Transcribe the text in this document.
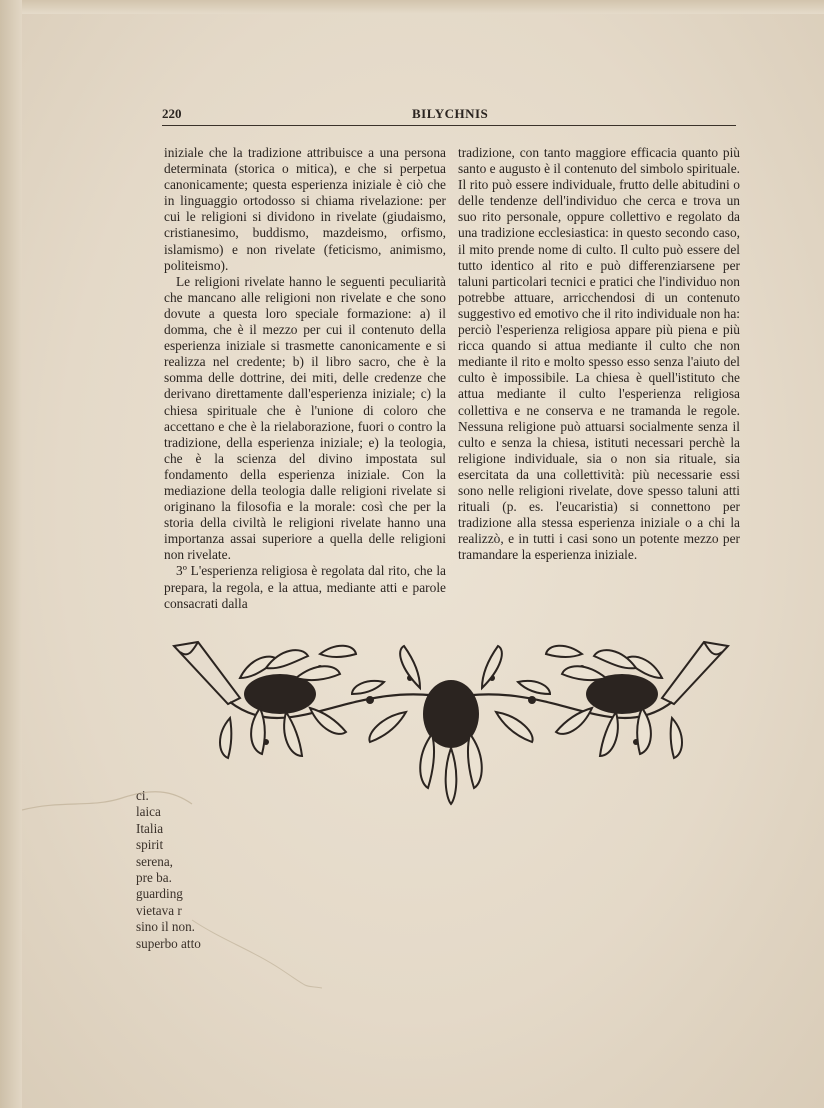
220	BILYCHNIS

iniziale che la tradizione attribuisce a una persona determinata (storica o mitica), e che si perpetua canonicamente; questa esperienza iniziale è ciò che in linguaggio ortodosso si chiama rivelazione: per cui le religioni si dividono in rivelate (giudaismo, cristianesimo, buddismo, mazdeismo, orfismo, islamismo) e non rivelate (feticismo, animismo, politeismo).

Le religioni rivelate hanno le seguenti peculiarità che mancano alle religioni non rivelate e che sono dovute a questa loro speciale formazione: a) il domma, che è il mezzo per cui il contenuto della esperienza iniziale si trasmette canonicamente e si realizza nel credente; b) il libro sacro, che è la somma delle dottrine, dei miti, delle credenze che derivano direttamente dall'esperienza iniziale; c) la chiesa spirituale che è l'unione di coloro che accettano e che è la rielaborazione, fuori o contro la tradizione, della esperienza iniziale; e) la teologia, che è la scienza del divino impostata sul fondamento della esperienza iniziale. Con la mediazione della teologia dalle religioni rivelate si originano la filosofia e la morale: così che per la storia della civiltà le religioni rivelate hanno una importanza assai superiore a quella delle religioni non rivelate.

3º L'esperienza religiosa è regolata dal rito, che la prepara, la regola, e la attua, mediante atti e parole consacrati dalla

tradizione, con tanto maggiore efficacia quanto più santo e augusto è il contenuto del simbolo spirituale. Il rito può essere individuale, frutto delle abitudini o delle tendenze dell'individuo che cerca e trova un suo rito personale, oppure collettivo e regolato da una tradizione ecclesiastica: in questo secondo caso, il mito prende nome di culto. Il culto può essere del tutto identico al rito e può differenziarsene per taluni particolari tecnici e pratici che l'individuo non potrebbe attuare, arricchendosi di un contenuto suggestivo ed emotivo che il rito individuale non ha: perciò l'esperienza religiosa appare più piena e più ricca quando si attua mediante il culto che non mediante il rito e molto spesso esso senza l'aiuto del culto è impossibile. La chiesa è quell'istituto che attua mediante il culto l'esperienza religiosa collettiva e ne conserva e ne tramanda le regole. Nessuna religione può attuarsi socialmente senza il culto e senza la chiesa, istituti necessari perchè la religione individuale, sia o non sia rituale, sia esercitata da una collettività: più necessarie essi sono nelle religioni rivelate, dove spesso taluni atti rituali (p. es. l'eucaristia) si connettono per tradizione alla stessa esperienza iniziale o a chi la realizzò, e in tutti i casi sono un potente mezzo per tramandare la esperienza iniziale.

ci.
laica
Italia
spirit
serena,
pre ba.
guarding
vietava r
sino il non.
superbo atto
